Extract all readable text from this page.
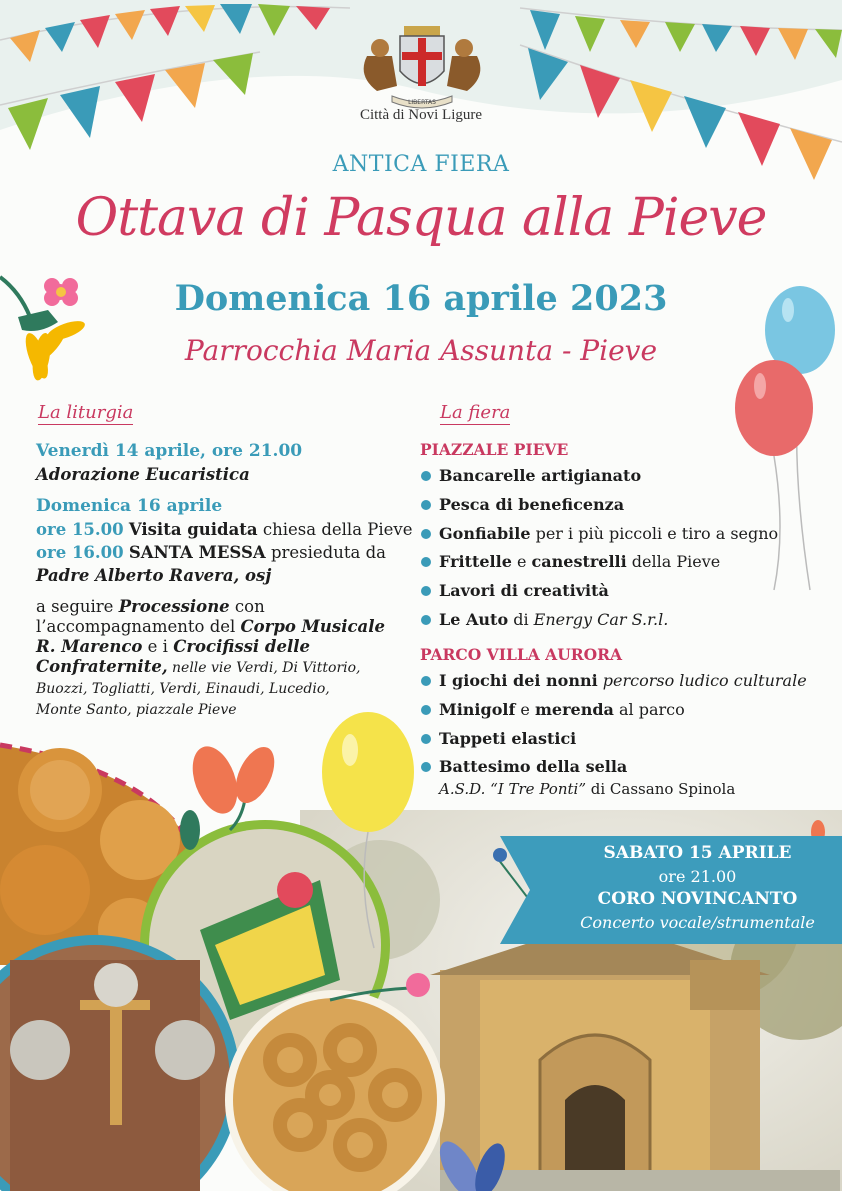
LIBERTAS
Città di Novi Ligure
ANTICA FIERA
Ottava di Pasqua alla Pieve
Domenica 16 aprile 2023
Parrocchia Maria Assunta - Pieve
La liturgia
Venerdì 14 aprile, ore 21.00
Adorazione Eucaristica
Domenica 16 aprile
ore 15.00 Visita guidata chiesa della Pieve
ore 16.00 SANTA MESSA presieduta da
Padre Alberto Ravera, osj
a seguire Processione con
l’accompagnamento del Corpo Musicale
R. Marenco e i Crocifissi delle
Confraternite, nelle vie Verdi, Di Vittorio,
Buozzi, Togliatti, Verdi, Einaudi, Lucedio,
Monte Santo, piazzale Pieve
La fiera
PIAZZALE PIEVE
Bancarelle artigianato
Pesca di beneficenza
Gonfiabile per i più piccoli e tiro a segno
Frittelle e canestrelli della Pieve
Lavori di creatività
Le Auto di Energy Car S.r.l.
PARCO VILLA AURORA
I giochi dei nonni percorso ludico culturale
Minigolf e merenda al parco
Tappeti elastici
Battesimo della sella
A.S.D. “I Tre Ponti” di Cassano Spinola
SABATO 15 APRILE
ore 21.00
CORO NOVINCANTO
Concerto vocale/strumentale
